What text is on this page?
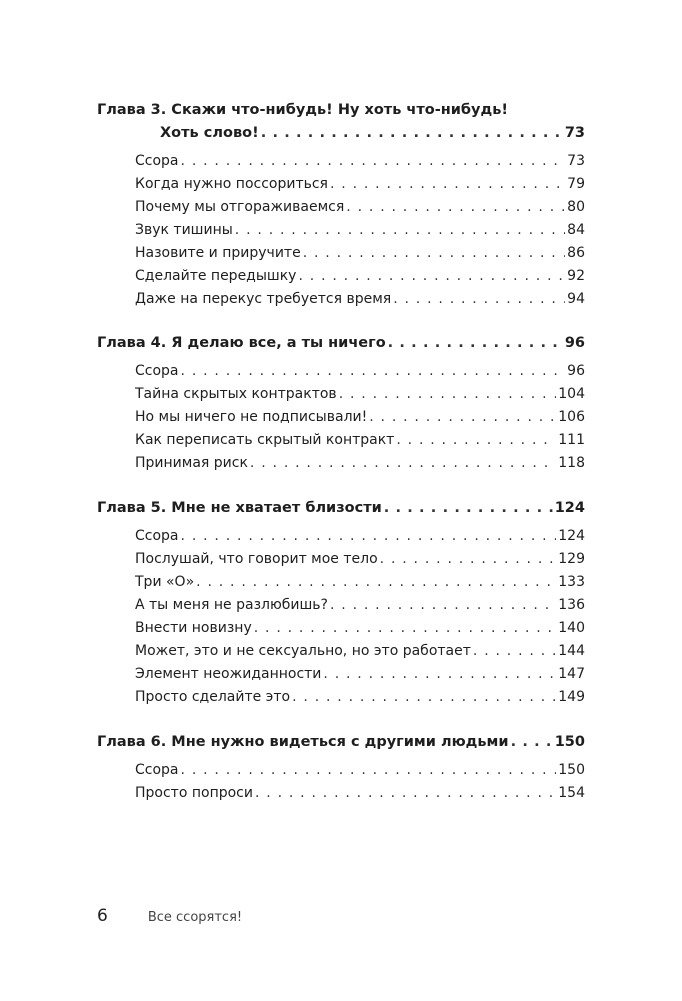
Глава 3. Скажи что-нибудь! Ну хоть что-нибудь!
Хоть слово! . . .	73
Ссора . . .	73
Когда нужно поссориться . . .	79
Почему мы отгораживаемся . . .	80
Звук тишины . . .	84
Назовите и приручите . . .	86
Сделайте передышку . . .	92
Даже на перекус требуется время . . .	94
Глава 4. Я делаю все, а ты ничего . . .	96
Ссора . . .	96
Тайна скрытых контрактов . . .	104
Но мы ничего не подписывали! . . .	106
Как переписать скрытый контракт . . .	111
Принимая риск . . .	118
Глава 5. Мне не хватает близости . . .	124
Ссора . . .	124
Послушай, что говорит мое тело . . .	129
Три «О» . . .	133
А ты меня не разлюбишь? . . .	136
Внести новизну . . .	140
Может, это и не сексуально, но это работает . . .	144
Элемент неожиданности . . .	147
Просто сделайте это . . .	149
Глава 6. Мне нужно видеться с другими людьми . . .	150
Ссора . . .	150
Просто попроси . . .	154
6	Все ссорятся!
